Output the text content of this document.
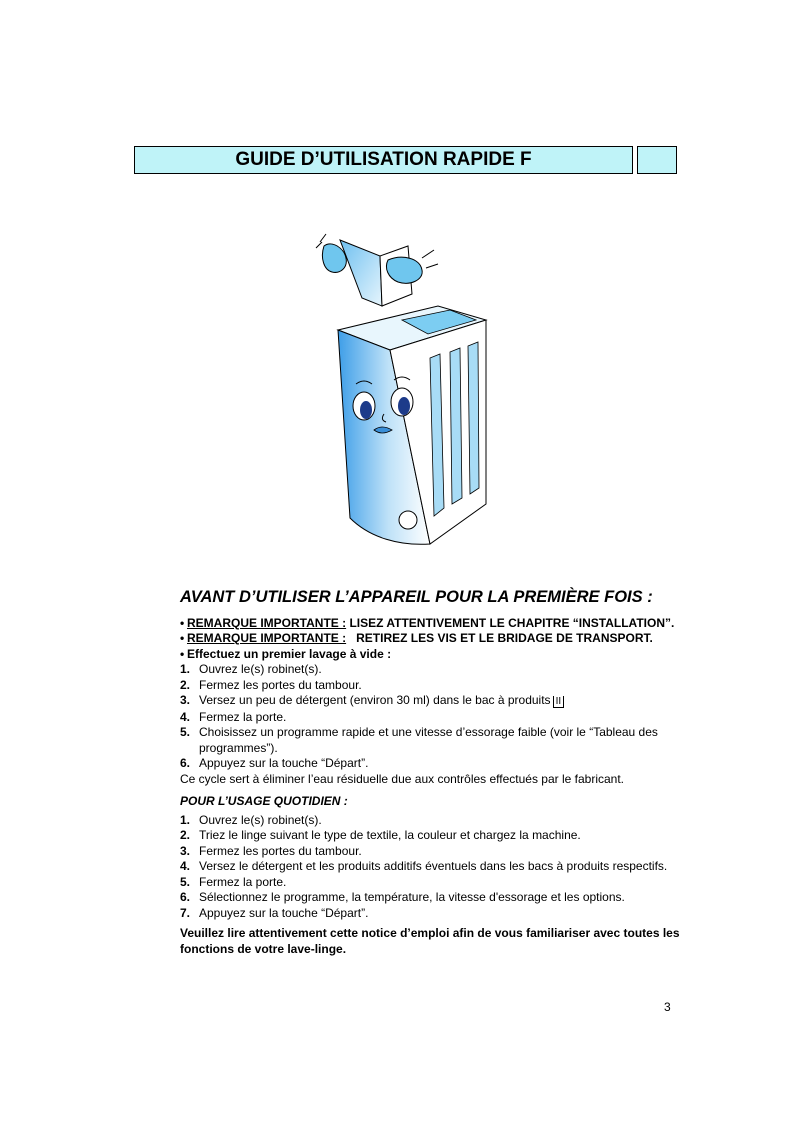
GUIDE D’UTILISATION RAPIDE F
AVANT D’UTILISER L’APPAREIL POUR LA PREMIÈRE FOIS :
• REMARQUE IMPORTANTE : LISEZ ATTENTIVEMENT LE CHAPITRE “INSTALLATION”.
• REMARQUE IMPORTANTE : RETIREZ LES VIS ET LE BRIDAGE DE TRANSPORT.
• Effectuez un premier lavage à vide :
1. Ouvrez le(s) robinet(s).
2. Fermez les portes du tambour.
3. Versez un peu de détergent (environ 30 ml) dans le bac à produits II
4. Fermez la porte.
5. Choisissez un programme rapide et une vitesse d’essorage faible (voir le “Tableau des programmes”).
6. Appuyez sur la touche “Départ”.
Ce cycle sert à éliminer l’eau résiduelle due aux contrôles effectués par le fabricant.
POUR L’USAGE QUOTIDIEN :
1. Ouvrez le(s) robinet(s).
2. Triez le linge suivant le type de textile, la couleur et chargez la machine.
3. Fermez les portes du tambour.
4. Versez le détergent et les produits additifs éventuels dans les bacs à produits respectifs.
5. Fermez la porte.
6. Sélectionnez le programme, la température, la vitesse d'essorage et les options.
7. Appuyez sur la touche “Départ”.
Veuillez lire attentivement cette notice d’emploi afin de vous familiariser avec toutes les fonctions de votre lave-linge.
3
